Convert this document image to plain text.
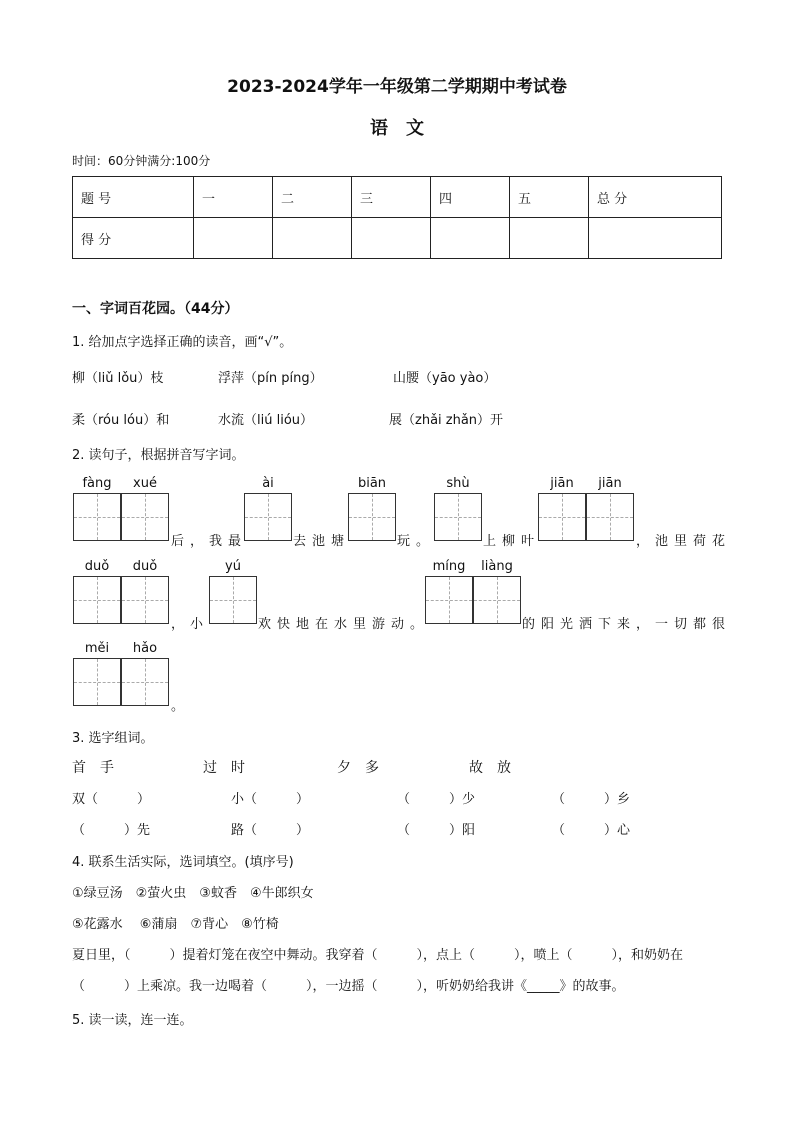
2023-2024学年一年级第二学期期中考试卷
语　文
时间：60分钟满分:100分
题 号	一	二	三	四	五	总 分
得 分						
一、字词百花园。（44分）
1. 给加点字选择正确的读音，画“√”。
柳（liǔ lǒu）枝	浮萍（pín píng）	山腰（yāo yào）
柔（róu lóu）和	水流（liú lióu）	展（zhǎi zhǎn）开
2. 读句子，根据拼音写字词。
fàng	xué
后，我最
ài
去池塘
biān
玩。
shù
上柳叶
jiān	jiān
，池里荷花
duǒ	duǒ
，小
yú
欢快地在水里游动。
míng	liàng
的阳光洒下来，一切都很
měi	hǎo
。
3. 选字组词。
首　手	过　时	夕　多	故　放
双（　　　）	小（　　　）	（　　　）少	（　　　）乡
（　　　）先	路（　　　）	（　　　）阳	（　　　）心
4. 联系生活实际，选词填空。(填序号)
①绿豆汤　②萤火虫　③蚊香　④牛郎织女
⑤花露水　 ⑥蒲扇　⑦背心　⑧竹椅
夏日里，（　　　）提着灯笼在夜空中舞动。我穿着（　　　），点上（　　　），喷上（　　　），和奶奶在
（　　　）上乘凉。我一边喝着（　　　），一边摇（　　　），听奶奶给我讲《_____》的故事。
5. 读一读，连一连。
